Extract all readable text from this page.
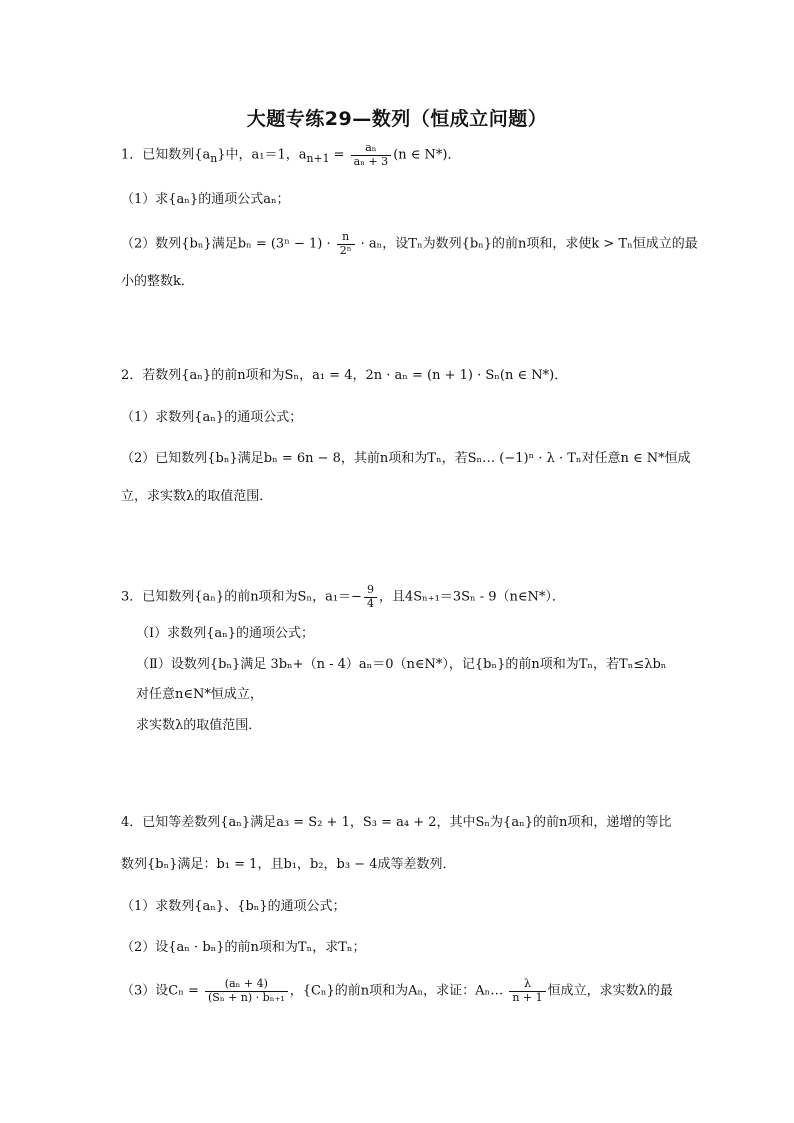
大题专练29—数列（恒成立问题）
1．已知数列$\{a_n\}$中，a₁＝1，$a_{n+1} = \frac{\text{aₙ}}{\text{aₙ + 3}} (n$ ∈ N*)．
（1）求{aₙ}的通项公式aₙ；
（2）数列{bₙ}满足$b_n = (3^n - 1) \cdot \frac{n}{\text{2ⁿ}} \cdot a_n$，设Tₙ为数列{bₙ}的前n项和，求使k > Tₙ恒成立的最
小的整数k．
2．若数列{aₙ}的前n项和为Sₙ，a₁ = 4，2n · aₙ = (n + 1) · Sₙ(n ∈ N*)．
（1）求数列{aₙ}的通项公式；
（2）已知数列{bₙ}满足bₙ = 6n − 8，其前n项和为Tₙ，若Sₙ… (−1)ⁿ · λ · Tₙ对任意n ∈ N*恒成
立，求实数λ的取值范围．
3．已知数列{aₙ}的前n项和为Sₙ，$a_1=- \frac{9}{4}$ ，且4Sₙ₊₁＝3Sₙ - 9（n∈N*）．
（Ⅰ）求数列{aₙ}的通项公式；
（Ⅱ）设数列{bₙ}满足 3bₙ+（n - 4）aₙ＝0（n∈N*），记{bₙ}的前n项和为Tₙ，若Tₙ≤λbₙ
对任意n∈N*恒成立，
求实数λ的取值范围．
4．已知等差数列{aₙ}满足a₃ = S₂ + 1，S₃ = a₄ + 2，其中Sₙ为{aₙ}的前n项和，递增的等比
数列{bₙ}满足：b₁ = 1，且b₁，b₂，b₃ − 4成等差数列．
（1）求数列{aₙ}、{bₙ}的通项公式；
（2）设{aₙ · bₙ}的前n项和为Tₙ，求Tₙ；
（3）设$C_n = \frac{\text{(aₙ + 4)}}{\text{(Sₙ + n) · bₙ₊₁}}$ ，{Cₙ}的前n项和为Aₙ，求证：Aₙ… $\frac{\lambda}{n + 1}$ 恒成立，求实数λ的最
